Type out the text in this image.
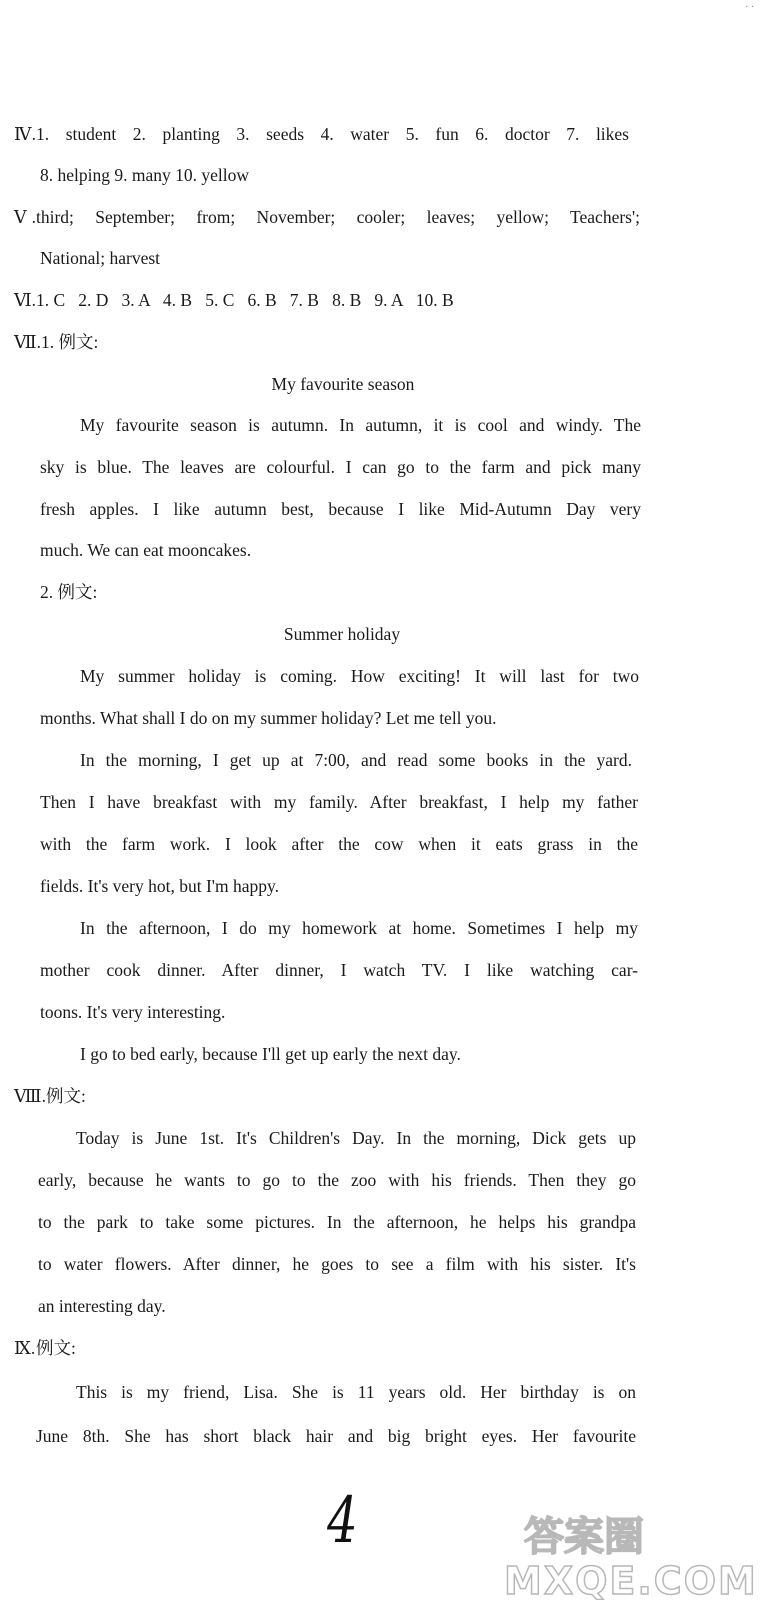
· ·
Ⅳ.1. student 2. planting 3. seeds 4. water 5. fun 6. doctor 7. likes
8. helping 9. many 10. yellow
Ⅴ.third; September; from; November; cooler; leaves; yellow; Teachers';
National; harvest
Ⅵ.1. C   2. D   3. A   4. B   5. C   6. B   7. B   8. B   9. A   10. B
Ⅶ.1. 例文:
My favourite season
My favourite season is autumn. In autumn, it is cool and windy. The
sky is blue. The leaves are colourful. I can go to the farm and pick many
fresh apples. I like autumn best, because I like Mid-Autumn Day very
much. We can eat mooncakes.
2. 例文:
Summer holiday
My summer holiday is coming. How exciting! It will last for two
months. What shall I do on my summer holiday? Let me tell you.
In the morning, I get up at 7:00, and read some books in the yard.
Then I have breakfast with my family. After breakfast, I help my father
with the farm work. I look after the cow when it eats grass in the
fields. It's very hot, but I'm happy.
In the afternoon, I do my homework at home. Sometimes I help my
mother cook dinner. After dinner, I watch TV. I like watching car-
toons. It's very interesting.
I go to bed early, because I'll get up early the next day.
Ⅷ.例文:
Today is June 1st. It's Children's Day. In the morning, Dick gets up
early, because he wants to go to the zoo with his friends. Then they go
to the park to take some pictures. In the afternoon, he helps his grandpa
to water flowers. After dinner, he goes to see a film with his sister. It's
an interesting day.
Ⅸ.例文:
This is my friend, Lisa. She is 11 years old. Her birthday is on
June 8th. She has short black hair and big bright eyes. Her favourite
4	答案圈
MXQE.COM
